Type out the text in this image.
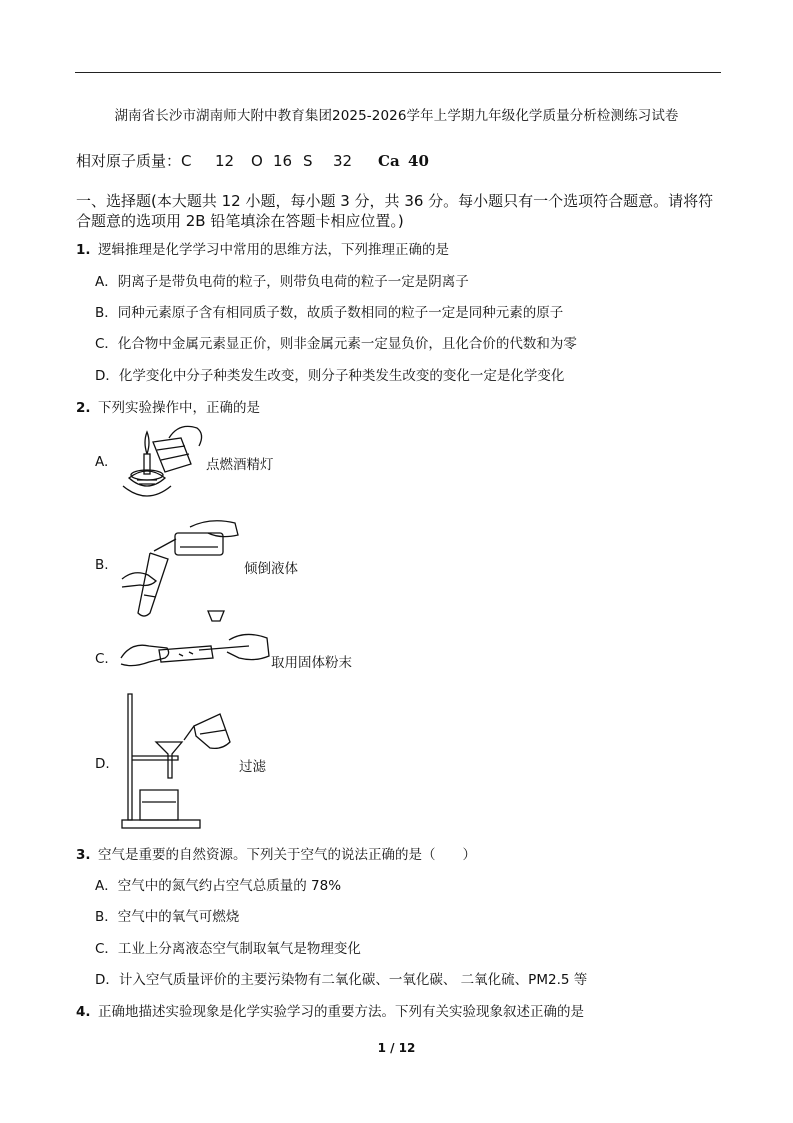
湖南省长沙市湖南师大附中教育集团2025-2026学年上学期九年级化学质量分析检测练习试卷
相对原子质量：C 12 O 16 S 32 Ca 40
一、选择题(本大题共 12 小题，每小题 3 分，共 36 分。每小题只有一个选项符合题意。请将符合题意的选项用 2B 铅笔填涂在答题卡相应位置。)
1. 逻辑推理是化学学习中常用的思维方法，下列推理正确的是
A．阴离子是带负电荷的粒子，则带负电荷的粒子一定是阴离子
B．同种元素原子含有相同质子数，故质子数相同的粒子一定是同种元素的原子
C．化合物中金属元素显正价，则非金属元素一定显负价，且化合价的代数和为零
D．化学变化中分子种类发生改变，则分子种类发生改变的变化一定是化学变化
2. 下列实验操作中，正确的是
A.	点燃酒精灯
B.	倾倒液体
C.	取用固体粉末
D.	过滤
3. 空气是重要的自然资源。下列关于空气的说法正确的是（　　）
A．空气中的氮气约占空气总质量的 78%
B．空气中的氧气可燃烧
C．工业上分离液态空气制取氧气是物理变化
D．计入空气质量评价的主要污染物有二氧化碳、一氧化碳、 二氧化硫、PM2.5 等
4. 正确地描述实验现象是化学实验学习的重要方法。下列有关实验现象叙述正确的是
1 / 12
